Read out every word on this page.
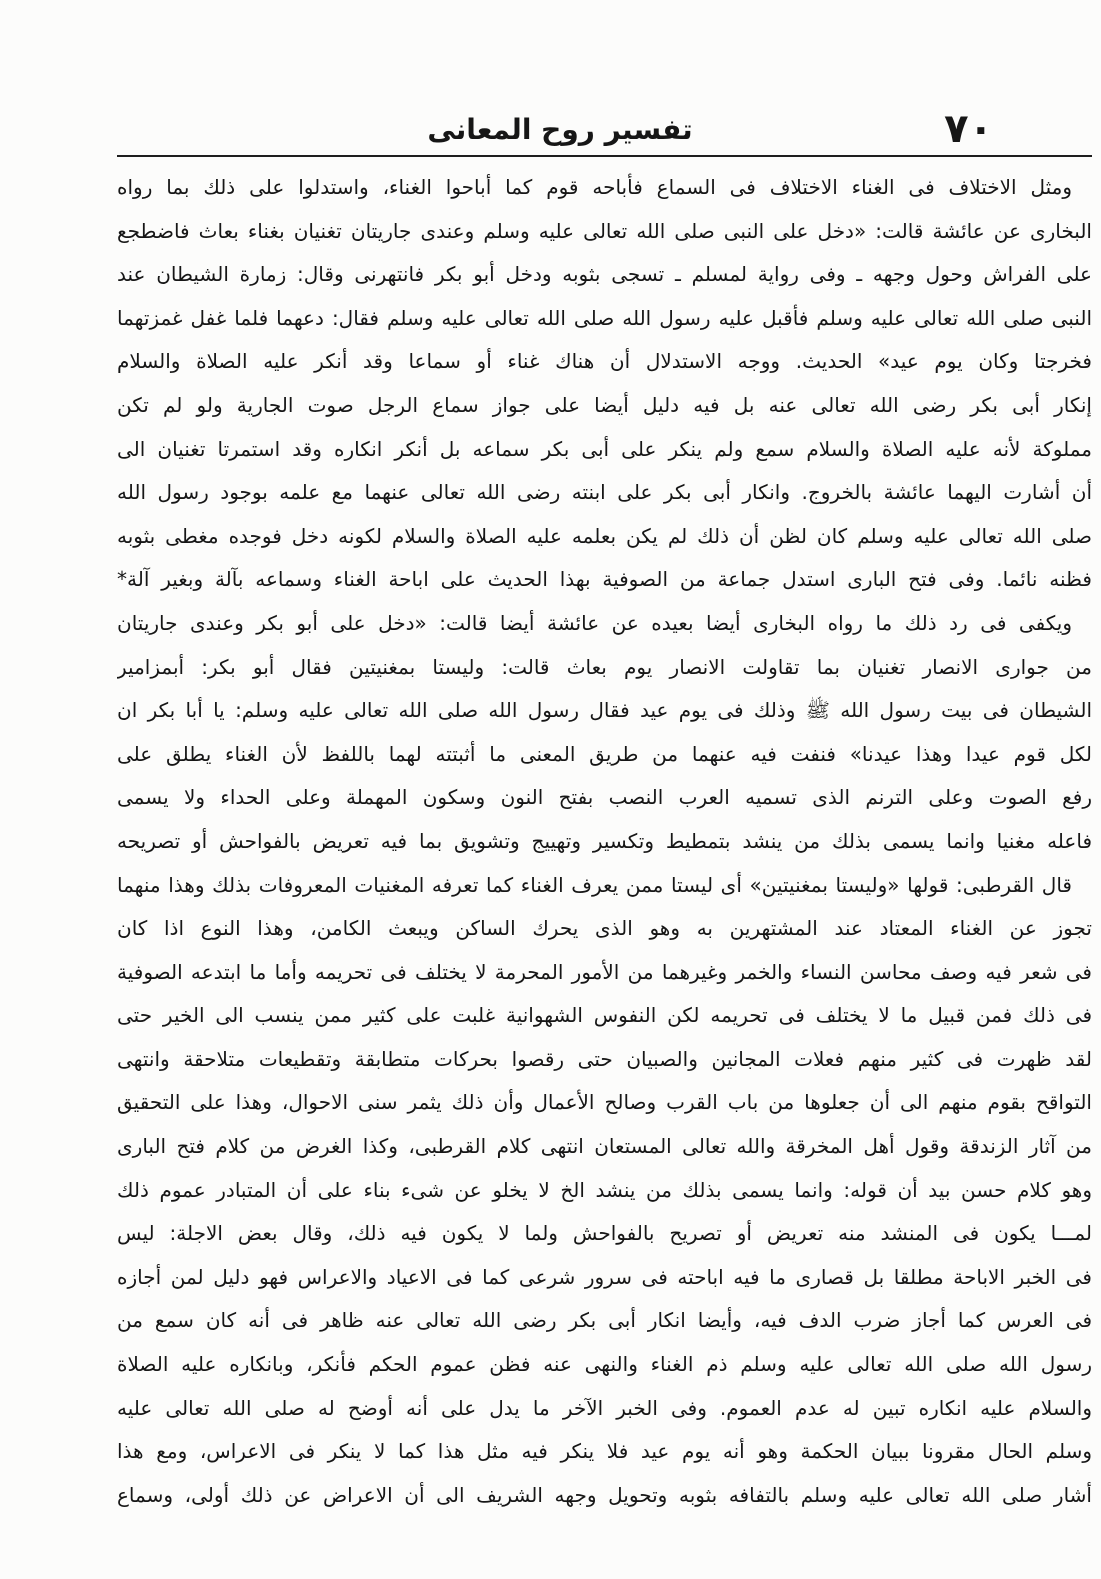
٧٠
تفسير روح المعانى
ومثل الاختلاف فى الغناء الاختلاف فى السماع فأباحه قوم كما أباحوا الغناء، واستدلوا على ذلك بما رواه
البخارى عن عائشة قالت: «دخل على النبى صلى الله تعالى عليه وسلم وعندى جاريتان تغنيان بغناء بعاث فاضطجع
على الفراش وحول وجهه ـ وفى رواية لمسلم ـ تسجى بثوبه ودخل أبو بكر فانتهرنى وقال: زمارة الشيطان عند
النبى صلى الله تعالى عليه وسلم فأقبل عليه رسول الله صلى الله تعالى عليه وسلم فقال: دعهما فلما غفل غمزتهما
فخرجتا وكان يوم عيد» الحديث. ووجه الاستدلال أن هناك غناء أو سماعا وقد أنكر عليه الصلاة والسلام
إنكار أبى بكر رضى الله تعالى عنه بل فيه دليل أيضا على جواز سماع الرجل صوت الجارية ولو لم تكن
مملوكة لأنه عليه الصلاة والسلام سمع ولم ينكر على أبى بكر سماعه بل أنكر انكاره وقد استمرتا تغنيان الى
أن أشارت اليهما عائشة بالخروج. وانكار أبى بكر على ابنته رضى الله تعالى عنهما مع علمه بوجود رسول الله
صلى الله تعالى عليه وسلم كان لظن أن ذلك لم يكن بعلمه عليه الصلاة والسلام لكونه دخل فوجده مغطى بثوبه
فظنه نائما. وفى فتح البارى استدل جماعة من الصوفية بهذا الحديث على اباحة الغناء وسماعه بآلة وبغير آلة*
ويكفى فى رد ذلك ما رواه البخارى أيضا بعيده عن عائشة أيضا قالت: «دخل على أبو بكر وعندى جاريتان
من جوارى الانصار تغنيان بما تقاولت الانصار يوم بعاث قالت: وليستا بمغنيتين فقال أبو بكر: أبمزامير
الشيطان فى بيت رسول الله ﷺ وذلك فى يوم عيد فقال رسول الله صلى الله تعالى عليه وسلم: يا أبا بكر ان
لكل قوم عيدا وهذا عيدنا» فنفت فيه عنهما من طريق المعنى ما أثبتته لهما باللفظ لأن الغناء يطلق على
رفع الصوت وعلى الترنم الذى تسميه العرب النصب بفتح النون وسكون المهملة وعلى الحداء ولا يسمى
فاعله مغنيا وانما يسمى بذلك من ينشد بتمطيط وتكسير وتهييج وتشويق بما فيه تعريض بالفواحش أو تصريحه
قال القرطبى: قولها «وليستا بمغنيتين» أى ليستا ممن يعرف الغناء كما تعرفه المغنيات المعروفات بذلك وهذا منهما
تجوز عن الغناء المعتاد عند المشتهرين به وهو الذى يحرك الساكن ويبعث الكامن، وهذا النوع اذا كان
فى شعر فيه وصف محاسن النساء والخمر وغيرهما من الأمور المحرمة لا يختلف فى تحريمه وأما ما ابتدعه الصوفية
فى ذلك فمن قبيل ما لا يختلف فى تحريمه لكن النفوس الشهوانية غلبت على كثير ممن ينسب الى الخير حتى
لقد ظهرت فى كثير منهم فعلات المجانين والصبيان حتى رقصوا بحركات متطابقة وتقطيعات متلاحقة وانتهى
التواقح بقوم منهم الى أن جعلوها من باب القرب وصالح الأعمال وأن ذلك يثمر سنى الاحوال، وهذا على التحقيق
من آثار الزندقة وقول أهل المخرقة والله تعالى المستعان انتهى كلام القرطبى، وكذا الغرض من كلام فتح البارى
وهو كلام حسن بيد أن قوله: وانما يسمى بذلك من ينشد الخ لا يخلو عن شىء بناء على أن المتبادر عموم ذلك
لمـــا يكون فى المنشد منه تعريض أو تصريح بالفواحش ولما لا يكون فيه ذلك، وقال بعض الاجلة: ليس
فى الخبر الاباحة مطلقا بل قصارى ما فيه اباحته فى سرور شرعى كما فى الاعياد والاعراس فهو دليل لمن أجازه
فى العرس كما أجاز ضرب الدف فيه، وأيضا انكار أبى بكر رضى الله تعالى عنه ظاهر فى أنه كان سمع من
رسول الله صلى الله تعالى عليه وسلم ذم الغناء والنهى عنه فظن عموم الحكم فأنكر، وبانكاره عليه الصلاة
والسلام عليه انكاره تبين له عدم العموم. وفى الخبر الآخر ما يدل على أنه أوضح له صلى الله تعالى عليه
وسلم الحال مقرونا ببيان الحكمة وهو أنه يوم عيد فلا ينكر فيه مثل هذا كما لا ينكر فى الاعراس، ومع هذا
أشار صلى الله تعالى عليه وسلم بالتفافه بثوبه وتحويل وجهه الشريف الى أن الاعراض عن ذلك أولى، وسماع
